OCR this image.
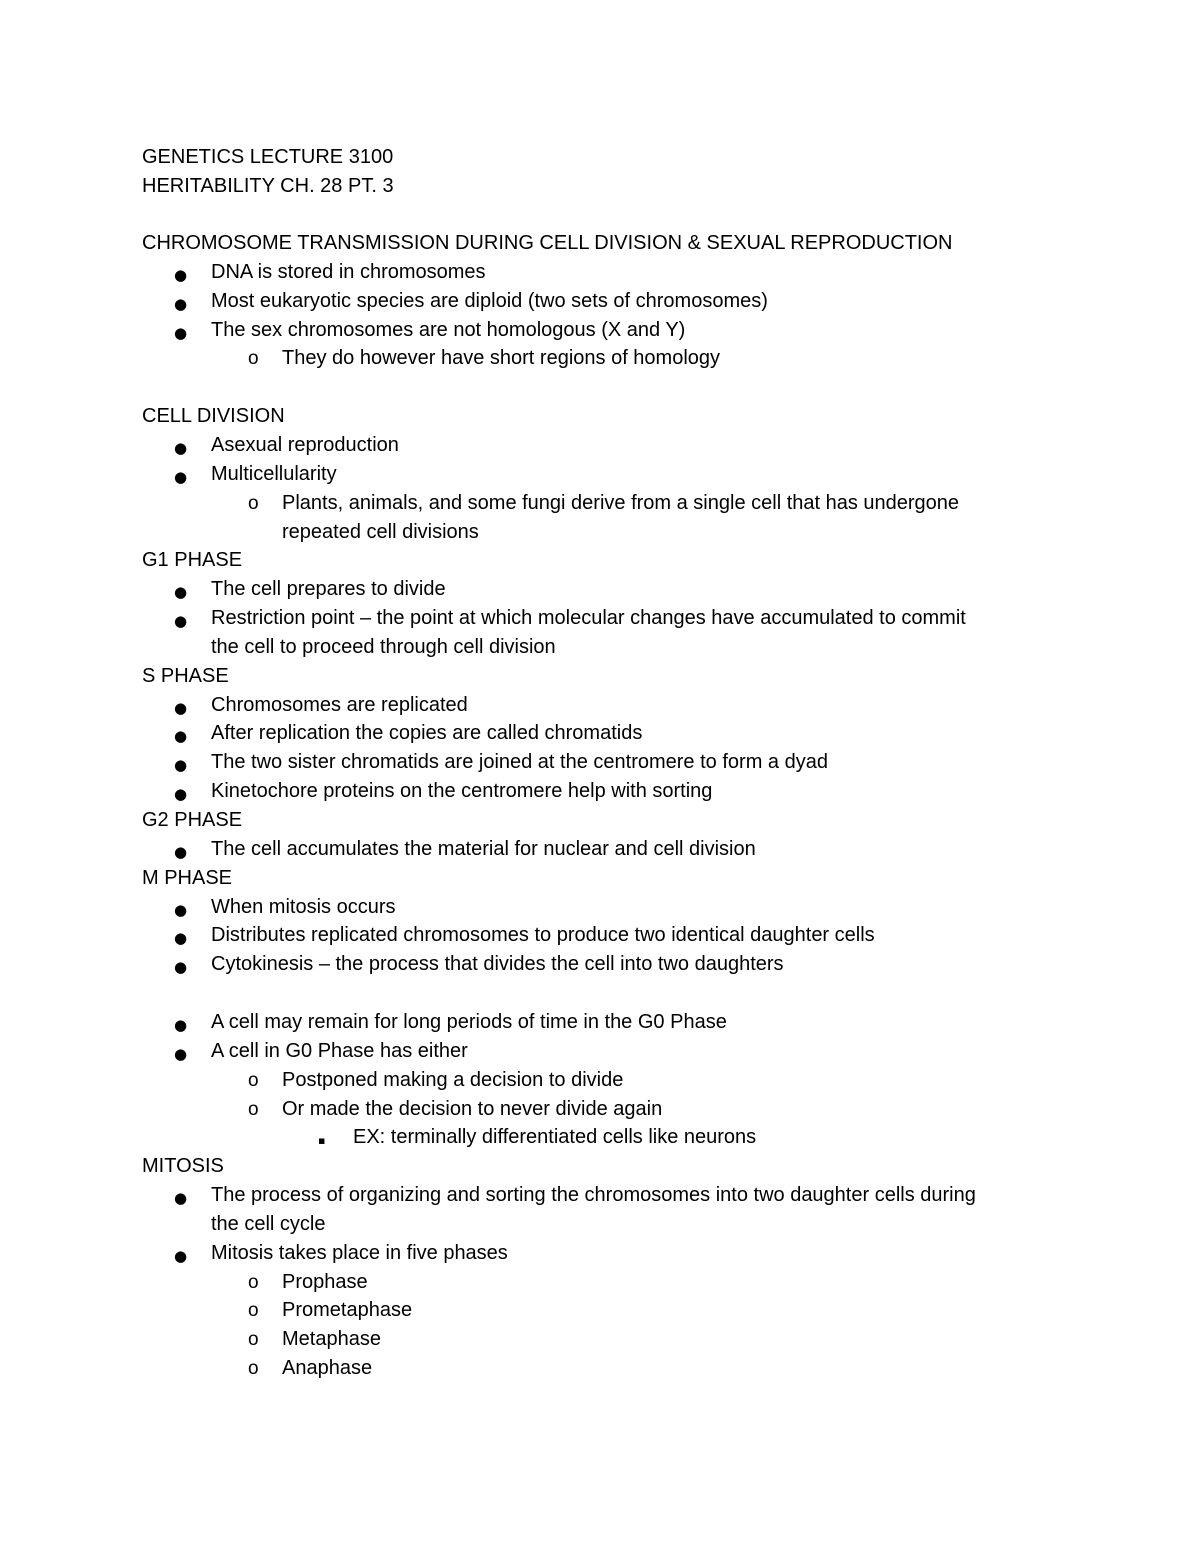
GENETICS LECTURE 3100
HERITABILITY CH. 28 PT. 3
CHROMOSOME TRANSMISSION DURING CELL DIVISION & SEXUAL REPRODUCTION
● DNA is stored in chromosomes
● Most eukaryotic species are diploid (two sets of chromosomes)
● The sex chromosomes are not homologous (X and Y)
o They do however have short regions of homology
CELL DIVISION
● Asexual reproduction
● Multicellularity
o Plants, animals, and some fungi derive from a single cell that has undergone
repeated cell divisions
G1 PHASE
● The cell prepares to divide
● Restriction point – the point at which molecular changes have accumulated to commit
the cell to proceed through cell division
S PHASE
● Chromosomes are replicated
● After replication the copies are called chromatids
● The two sister chromatids are joined at the centromere to form a dyad
● Kinetochore proteins on the centromere help with sorting
G2 PHASE
● The cell accumulates the material for nuclear and cell division
M PHASE
● When mitosis occurs
● Distributes replicated chromosomes to produce two identical daughter cells
● Cytokinesis – the process that divides the cell into two daughters
● A cell may remain for long periods of time in the G0 Phase
● A cell in G0 Phase has either
o Postponed making a decision to divide
o Or made the decision to never divide again
▪ EX: terminally differentiated cells like neurons
MITOSIS
● The process of organizing and sorting the chromosomes into two daughter cells during
the cell cycle
● Mitosis takes place in five phases
o Prophase
o Prometaphase
o Metaphase
o Anaphase
